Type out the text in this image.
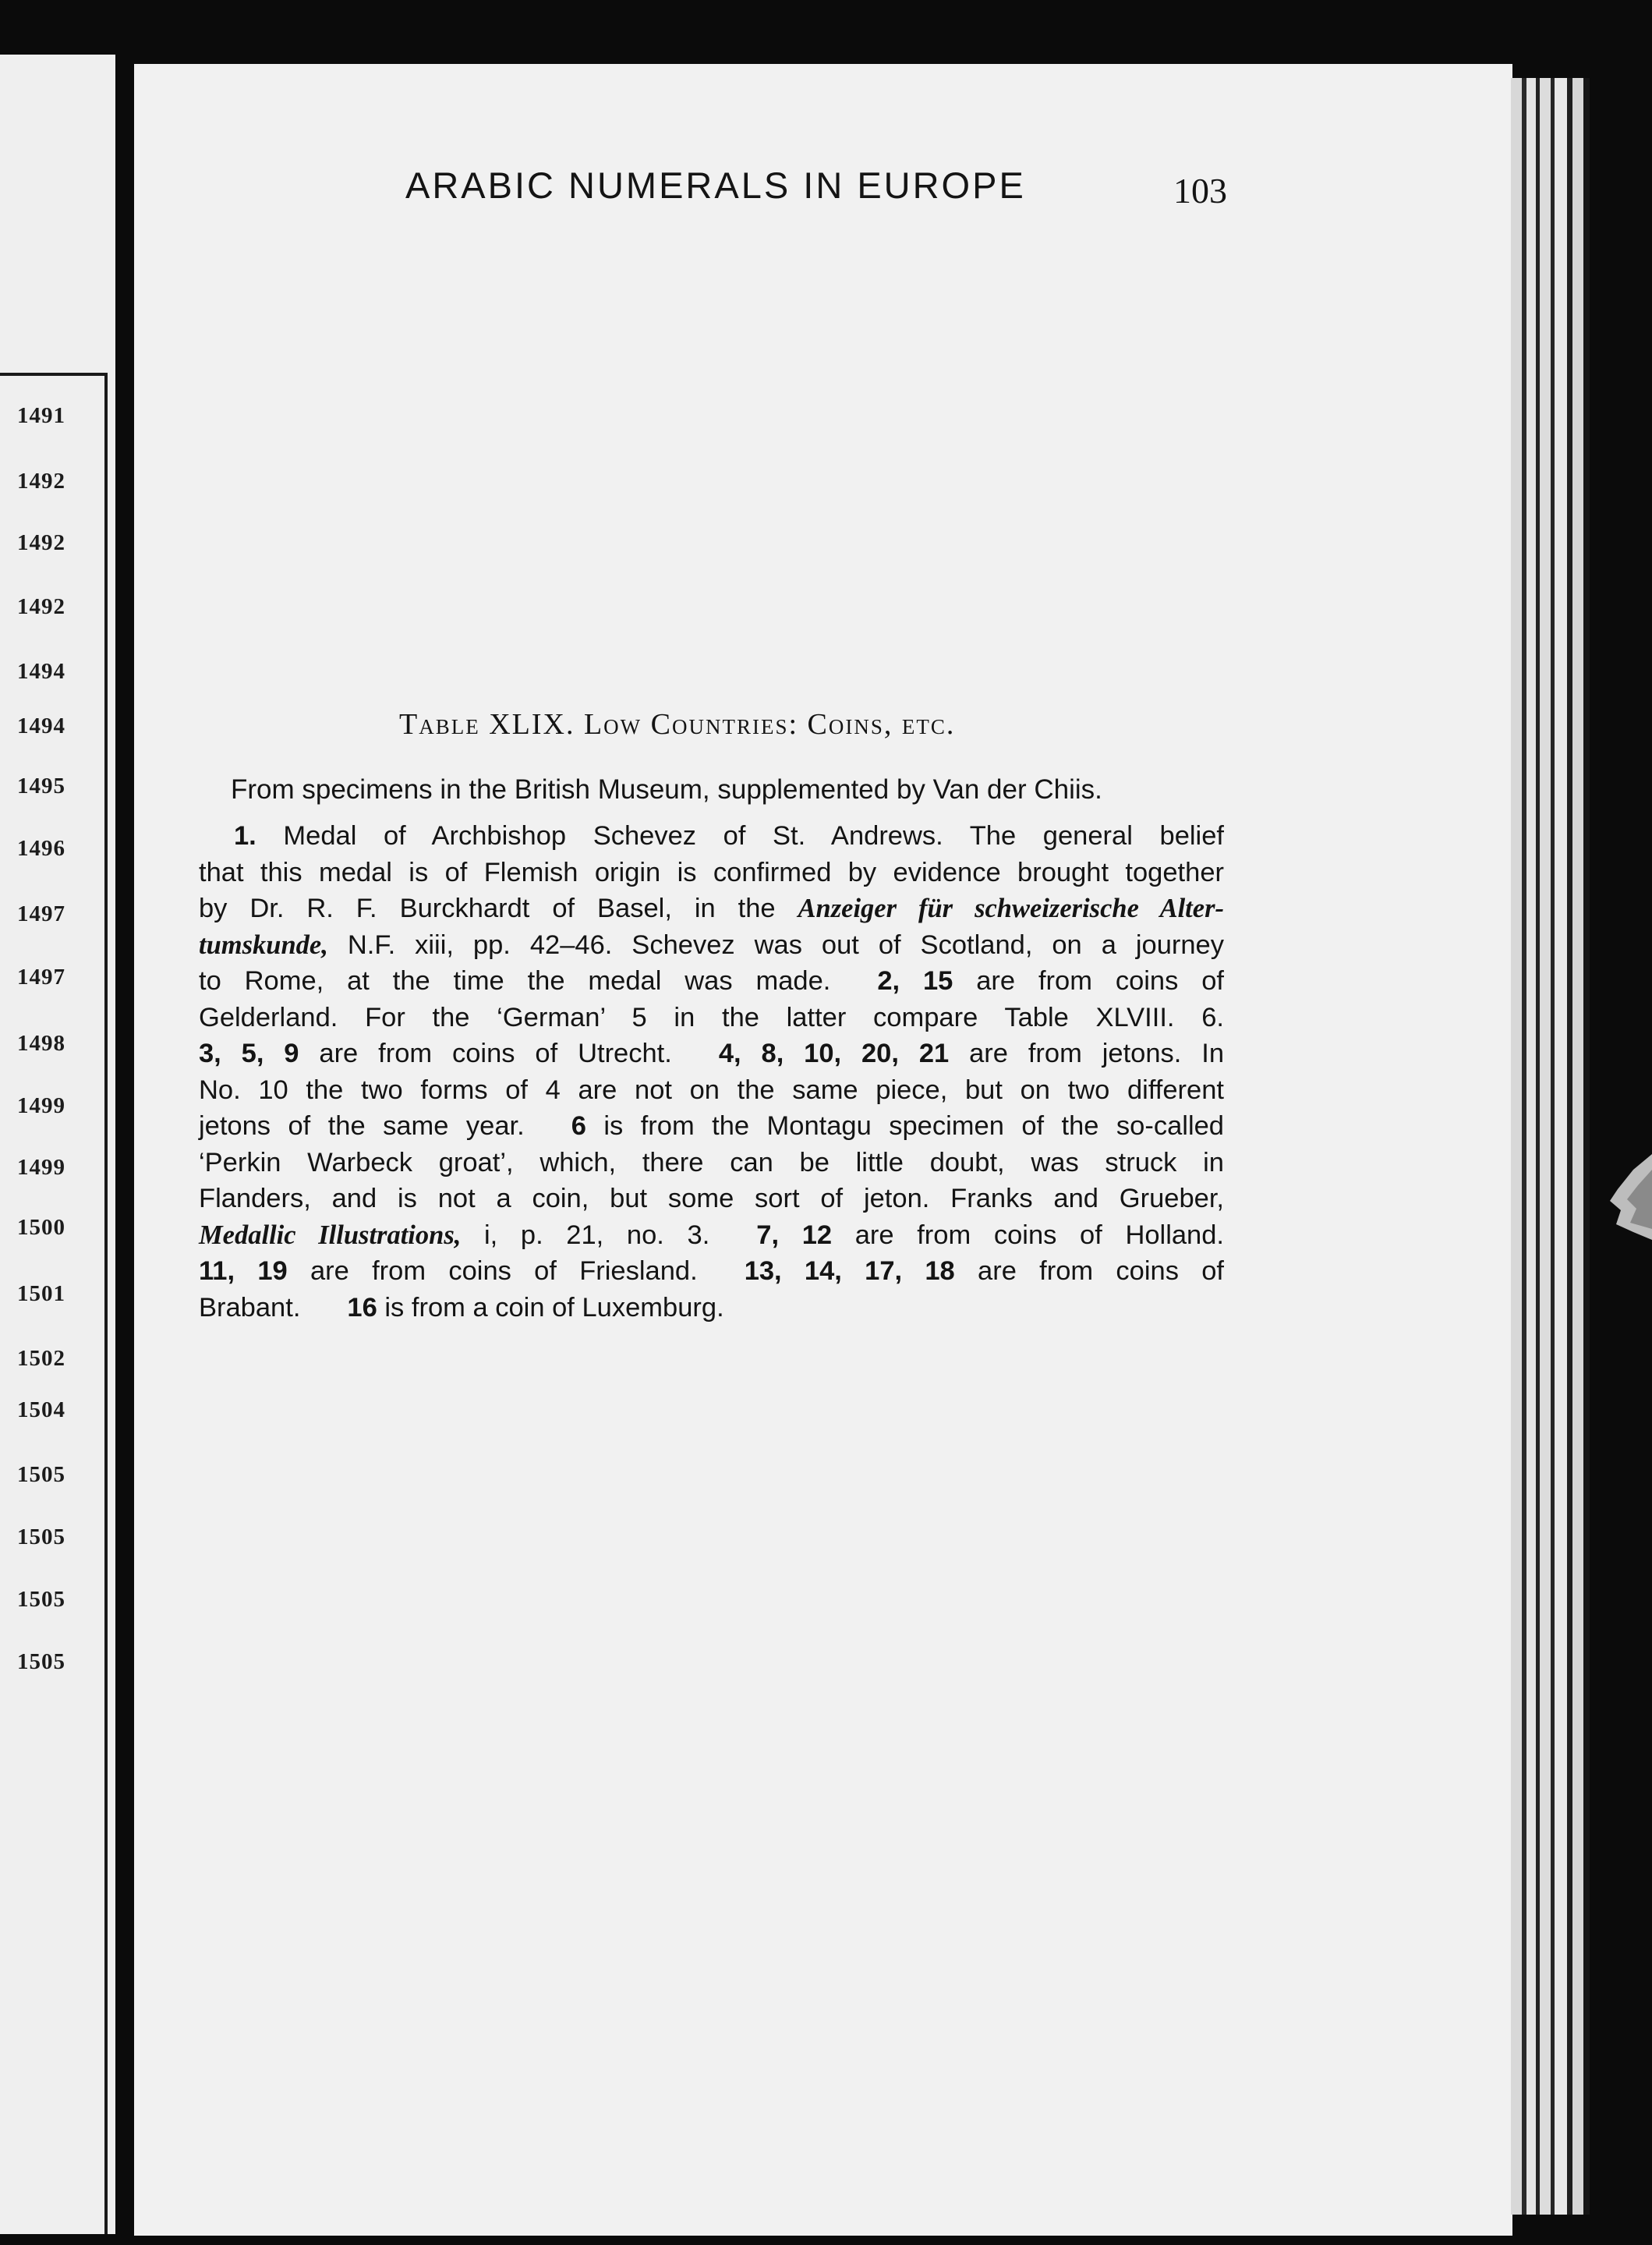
1491
1492
1492
1492
1494
1494
1495
1496
1497
1497
1498
1499
1499
1500
1501
1502
1504
1505
1505
1505
1505
ARABIC NUMERALS IN EUROPE	103
Table XLIX. Low Countries: Coins, etc.
From specimens in the British Museum, supplemented by Van der Chiis.
1. Medal of Archbishop Schevez of St. Andrews. The general belief
that this medal is of Flemish origin is confirmed by evidence brought together
by Dr. R. F. Burckhardt of Basel, in the Anzeiger für schweizerische Alter-
tumskunde, N.F. xiii, pp. 42–46. Schevez was out of Scotland, on a journey
to Rome, at the time the medal was made. 2, 15 are from coins of
Gelderland. For the ‘German’ 5 in the latter compare Table XLVIII. 6.
3, 5, 9 are from coins of Utrecht. 4, 8, 10, 20, 21 are from jetons. In
No. 10 the two forms of 4 are not on the same piece, but on two different
jetons of the same year. 6 is from the Montagu specimen of the so-called
‘Perkin Warbeck groat’, which, there can be little doubt, was struck in
Flanders, and is not a coin, but some sort of jeton. Franks and Grueber,
Medallic Illustrations, i, p. 21, no. 3. 7, 12 are from coins of Holland.
11, 19 are from coins of Friesland. 13, 14, 17, 18 are from coins of
Brabant. 16 is from a coin of Luxemburg.
